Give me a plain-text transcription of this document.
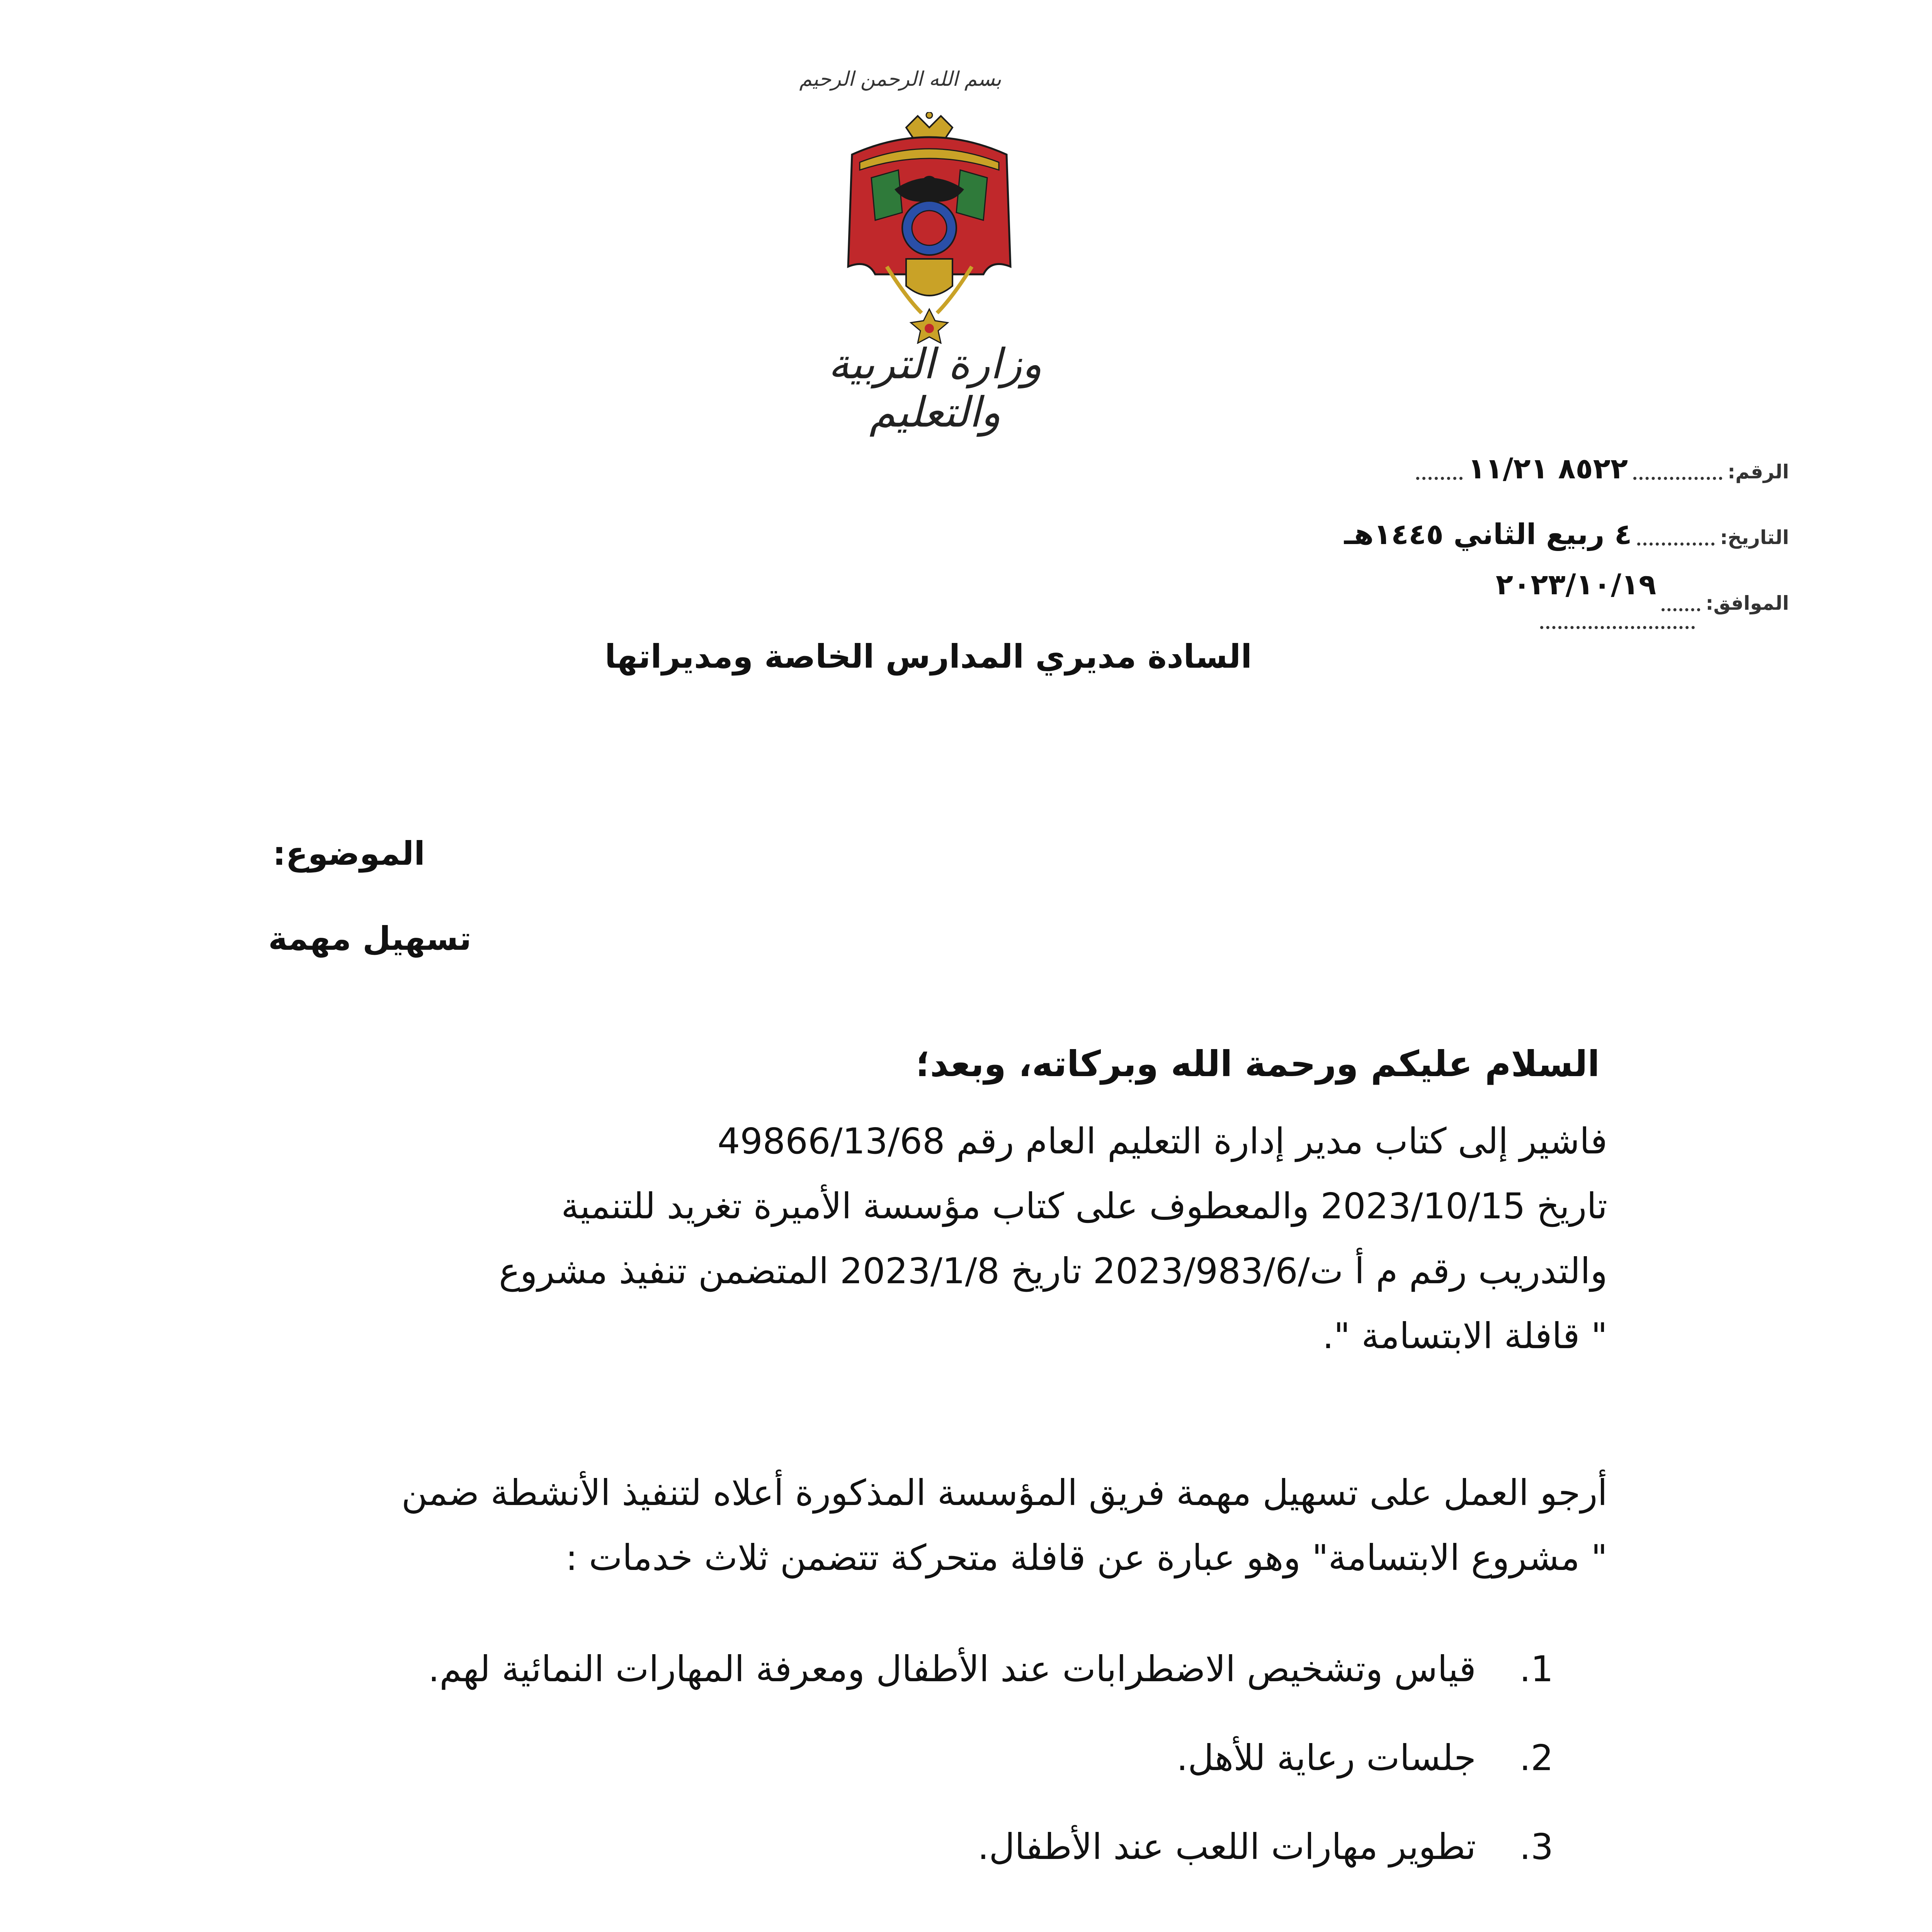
بسم الله الرحمن الرحيم
وزارة التربية والتعليم
الرقم:
٨٥٢٢ ١١/٢١
التاريخ:
٤ ربيع الثاني ١٤٤٥هـ
الموافق:
٢٠٢٣/١٠/١٩
السادة مديري المدارس الخاصة ومديراتها
الموضوع:
تسهيل مهمة
السلام عليكم ورحمة الله وبركاته، وبعد؛
فاشير إلى كتاب مدير إدارة التعليم العام رقم 49866/13/68
تاريخ 2023/10/15 والمعطوف على كتاب مؤسسة الأميرة تغريد للتنمية
والتدريب رقم م أ ت/2023/983/6 تاريخ 2023/1/8 المتضمن تنفيذ مشروع
" قافلة الابتسامة ".
أرجو العمل على تسهيل مهمة فريق المؤسسة المذكورة أعلاه لتنفيذ الأنشطة ضمن
" مشروع الابتسامة" وهو عبارة عن قافلة متحركة تتضمن ثلاث خدمات :
1.
قياس وتشخيص الاضطرابات عند الأطفال ومعرفة المهارات النمائية لهم.
2.
جلسات رعاية للأهل.
3.
تطوير مهارات اللعب عند الأطفال.
